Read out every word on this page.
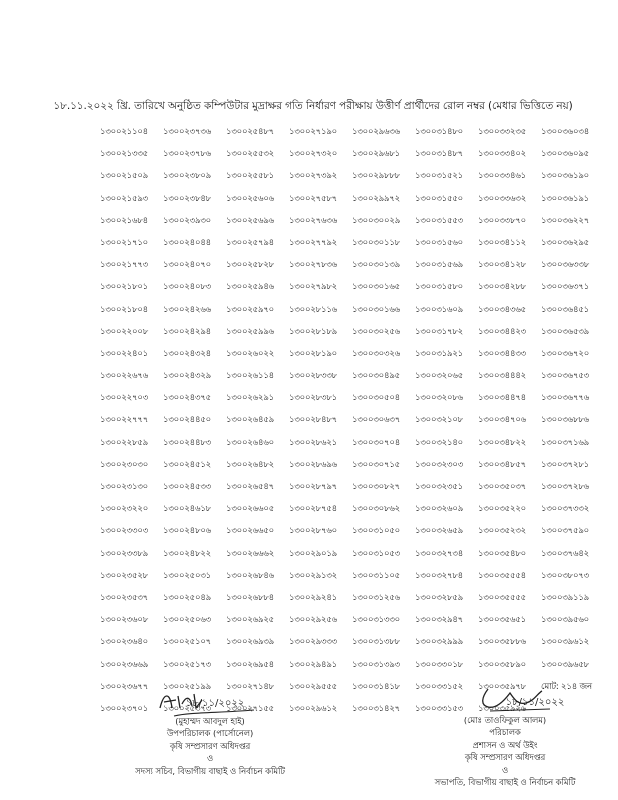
১৮.১১.২০২২ খ্রি. তারিখে অনুষ্ঠিত কম্পিউটার মুদ্রাক্ষর গতি নির্ধারণ পরীক্ষায় উত্তীর্ণ প্রার্থীদের রোল নম্বর (মেধার ভিত্তিতে নয়)
১৩০০২১১০৪	১৩০০২৩৭৩৬	১৩০০২৫৪৮৭	১৩০০২৭১৯০	১৩০০২৯৬৩৬	১৩০০৩১৪৮০	১৩০০৩৩২৩৫	১৩০০৩৬০৩৪
১৩০০২১৩৩৫	১৩০০২৩৭৮৬	১৩০০২৫৫৩২	১৩০০২৭৩২০	১৩০০২৯৬৮১	১৩০০৩১৪৮৭	১৩০০৩৩৪০২	১৩০০৩৬০৯৫
১৩০০২১৫০৯	১৩০০২৩৮০৯	১৩০০২৫৫৮১	১৩০০২৭৩৯২	১৩০০২৯৮৮৮	১৩০০৩১৫২১	১৩০০৩৩৪৬১	১৩০০৩৬১৯০
১৩০০২১৫৯৩	১৩০০২৩৮৪৮	১৩০০২৫৬০৬	১৩০০২৭৫৮৭	১৩০০২৯৯৭২	১৩০০৩১৫৫০	১৩০০৩৩৬৩২	১৩০০৩৬১৯১
১৩০০২১৬৮৪	১৩০০২৩৯৩০	১৩০০২৫৬৯৬	১৩০০২৭৬৩৬	১৩০০৩০০২৯	১৩০০৩১৫৫৩	১৩০০৩৩৮৭০	১৩০০৩৬২২৭
১৩০০২১৭১০	১৩০০২৪০৪৪	১৩০০২৫৭৯৪	১৩০০২৭৭৯২	১৩০০৩০১১৮	১৩০০৩১৫৬০	১৩০০৩৪১১২	১৩০০৩৬২৯৫
১৩০০২১৭৭৩	১৩০০২৪০৭০	১৩০০২৫৮২৮	১৩০০২৭৮৩৬	১৩০০৩০১৩৯	১৩০০৩১৫৬৯	১৩০০৩৪১২৮	১৩০০৩৬৩৩৮
১৩০০২১৮০১	১৩০০২৪০৮৩	১৩০০২৫৯৪৬	১৩০০২৭৯৮২	১৩০০৩০১৬৫	১৩০০৩১৫৮০	১৩০০৩৪২৮৮	১৩০০৩৬৩৭১
১৩০০২১৮০৪	১৩০০২৪২৬৬	১৩০০২৫৯৭০	১৩০০২৮১১৬	১৩০০৩০১৬৬	১৩০০৩১৬০৯	১৩০০৩৪৩৬৫	১৩০০৩৬৪৫১
১৩০০২২০০৮	১৩০০২৪২৯৪	১৩০০২৫৯৯৬	১৩০০২৮১৮৯	১৩০০৩০২৫৬	১৩০০৩১৭৮২	১৩০০৩৪৪২৩	১৩০০৩৬৫৩৯
১৩০০২২৪০১	১৩০০২৪৩২৪	১৩০০২৬০২২	১৩০০২৮১৯০	১৩০০৩০৩২৬	১৩০০৩১৯২১	১৩০০৩৪৪৩৩	১৩০০৩৬৭২০
১৩০০২২৬৭৬	১৩০০২৪৩২৯	১৩০০২৬১১৪	১৩০০২৮৩৩৮	১৩০০৩০৪৯৫	১৩০০৩২০৬৫	১৩০০৩৪৪৪২	১৩০০৩৬৭৫৩
১৩০০২২৭০৩	১৩০০২৪৩৭৫	১৩০০২৬২৯১	১৩০০২৮৩৮১	১৩০০৩০৫০৪	১৩০০৩২০৮৬	১৩০০৩৪৪৭৪	১৩০০৩৬৭৭৬
১৩০০২২৭৭৭	১৩০০২৪৪৫০	১৩০০২৬৪৫৯	১৩০০২৮৪৮৭	১৩০০৩০৬৩৭	১৩০০৩২১০৮	১৩০০৩৪৭০৬	১৩০০৩৬৮৮৬
১৩০০২২৮৫৯	১৩০০২৪৪৮৩	১৩০০২৬৪৬০	১৩০০২৮৬২১	১৩০০৩০৭০৪	১৩০০৩২১৪০	১৩০০৩৪৮২২	১৩০০৩৭১৬৯
১৩০০২৩০৩০	১৩০০২৪৫১২	১৩০০২৬৪৮২	১৩০০২৮৬৯৬	১৩০০৩০৭১৫	১৩০০৩২৩০৩	১৩০০৩৪৮৫৭	১৩০০৩৭২৮১
১৩০০২৩১৩০	১৩০০২৪৫৩৩	১৩০০২৬৫৪৭	১৩০০২৮৭৯৭	১৩০০৩০৮২৭	১৩০০৩২৩৫১	১৩০০৩৫০৩৭	১৩০০৩৭২৮৬
১৩০০২৩২২০	১৩০০২৪৬১৮	১৩০০২৬৬০৫	১৩০০২৮৭৫৪	১৩০০৩০৮৬২	১৩০০৩২৬০৯	১৩০০৩৫২২০	১৩০০৩৭৩৩২
১৩০০২৩৩০৩	১৩০০২৪৮০৬	১৩০০২৬৬৫০	১৩০০২৮৭৬০	১৩০০৩১০৫০	১৩০০৩২৬৫৯	১৩০০৩৫২৩২	১৩০০৩৭৫৯০
১৩০০২৩৩৮৯	১৩০০২৪৮২২	১৩০০২৬৬৬২	১৩০০২৯০১৯	১৩০০৩১০৫৩	১৩০০৩২৭৩৪	১৩০০৩৫৪৮০	১৩০০৩৭৬৪২
১৩০০২৩৫২৮	১৩০০২৫০৩১	১৩০০২৬৮৪৬	১৩০০২৯১৩২	১৩০০৩১১০৫	১৩০০৩২৭৮৪	১৩০০৩৫৫৫৪	১৩০০৩৮০৭৩
১৩০০২৩৫৩৭	১৩০০২৫০৪৯	১৩০০২৬৮৮৪	১৩০০২৯২৪১	১৩০০৩১২৫৬	১৩০০৩২৮৫৯	১৩০০৩৫৫৫৫	১৩০০৩৯১১৯
১৩০০২৩৬০৮	১৩০০২৫০৬৩	১৩০০২৬৯২৫	১৩০০২৯২৫৬	১৩০০৩১৩৩০	১৩০০৩২৯৪৭	১৩০০৩৫৬৫১	১৩০০৩৯৫৬০
১৩০০২৩৬৪০	১৩০০২৫১০৭	১৩০০২৬৯৩৯	১৩০০২৯৩৩৩	১৩০০৩১৩৮৮	১৩০০৩২৯৯৯	১৩০০৩৫৮৮৬	১৩০০৩৯৬১২
১৩০০২৩৬৬৯	১৩০০২৫১৭৩	১৩০০২৬৯৫৪	১৩০০২৯৪৯১	১৩০০৩১৩৯৩	১৩০০৩৩০১৮	১৩০০৩৫৮৯০	১৩০০৩৯৬৫৮
১৩০০২৩৬৭৭	১৩০০২৫১৯৯	১৩০০২৭১৪৮	১৩০০২৯৫৫৫	১৩০০৩১৪১৮	১৩০০৩৩১৫২	১৩০০৩৫৯৭৮	মোট: ২১৪ জন
১৩০০২৩৭০১	১৩০০২৫৩৭৩	১৩০০২৭১৫৫	১৩০০২৯৬১২	১৩০০৩১৪২৭	১৩০০৩৩১৫৩	১৩০০৩৫৯২৬
১৮/১১/২০২২
(মুহাম্মদ আবদুল হাই)
উপপরিচালক (পার্সোনেল)
কৃষি সম্প্রসারণ অধিদপ্তর
ও
সদস্য সচিব, বিভাগীয় বাছাই ও নির্বাচন কমিটি
১৮/১১/২০২২
(মোঃ তাওফিকুল আলম)
পরিচালক
প্রশাসন ও অর্থ উইং
কৃষি সম্প্রসারণ অধিদপ্তর
ও
সভাপতি, বিভাগীয় বাছাই ও নির্বাচন কমিটি
